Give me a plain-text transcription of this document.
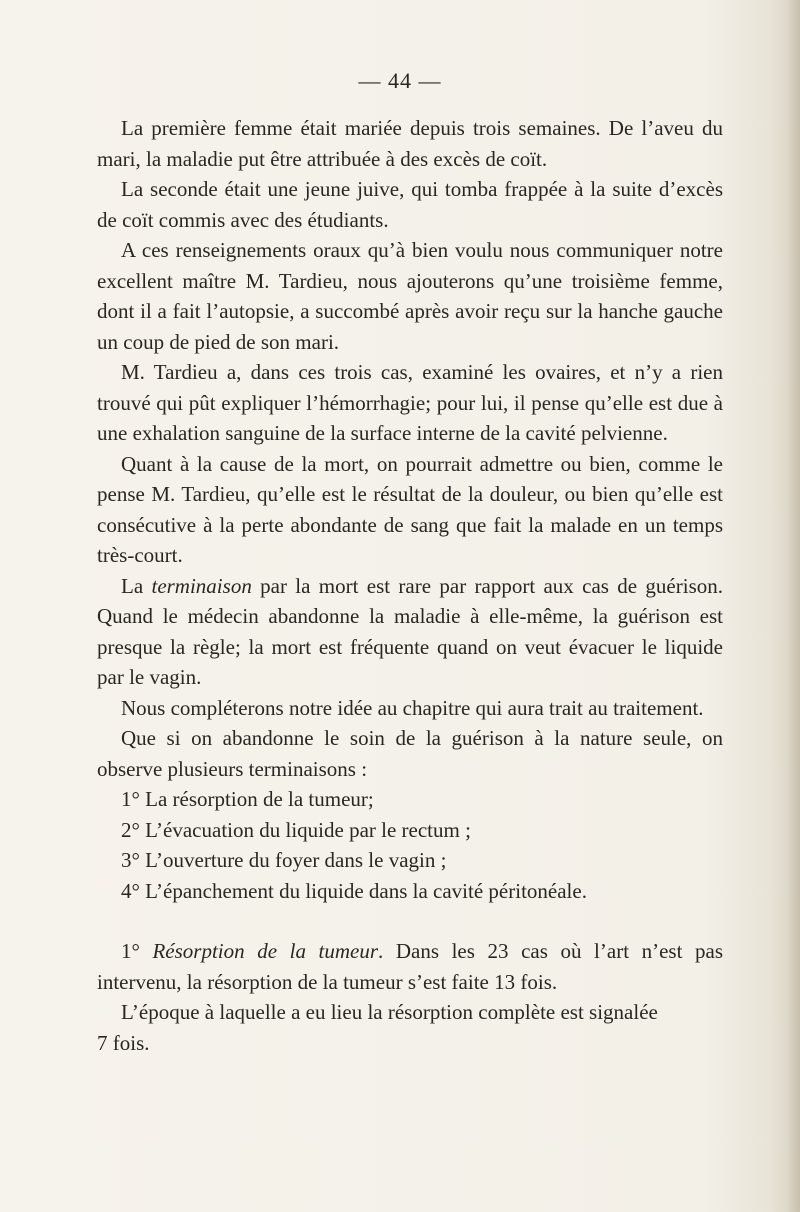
— 44 —

La première femme était mariée depuis trois semaines. De l’aveu du mari, la maladie put être attribuée à des excès de coït.

La seconde était une jeune juive, qui tomba frappée à la suite d’excès de coït commis avec des étudiants.

A ces renseignements oraux qu’à bien voulu nous communiquer notre excellent maître M. Tardieu, nous ajouterons qu’une troisième femme, dont il a fait l’autopsie, a succombé après avoir reçu sur la hanche gauche un coup de pied de son mari.

M. Tardieu a, dans ces trois cas, examiné les ovaires, et n’y a rien trouvé qui pût expliquer l’hémorrhagie; pour lui, il pense qu’elle est due à une exhalation sanguine de la surface interne de la cavité pelvienne.

Quant à la cause de la mort, on pourrait admettre ou bien, comme le pense M. Tardieu, qu’elle est le résultat de la douleur, ou bien qu’elle est consécutive à la perte abondante de sang que fait la malade en un temps très-court.

La terminaison par la mort est rare par rapport aux cas de guérison. Quand le médecin abandonne la maladie à elle-même, la guérison est presque la règle; la mort est fréquente quand on veut évacuer le liquide par le vagin.

Nous compléterons notre idée au chapitre qui aura trait au traitement.

Que si on abandonne le soin de la guérison à la nature seule, on observe plusieurs terminaisons :

1° La résorption de la tumeur;

2° L’évacuation du liquide par le rectum ;

3° L’ouverture du foyer dans le vagin ;

4° L’épanchement du liquide dans la cavité péritonéale.

1° Résorption de la tumeur. Dans les 23 cas où l’art n’est pas intervenu, la résorption de la tumeur s’est faite 13 fois.

L’époque à laquelle a eu lieu la résorption complète est signalée

7 fois.
